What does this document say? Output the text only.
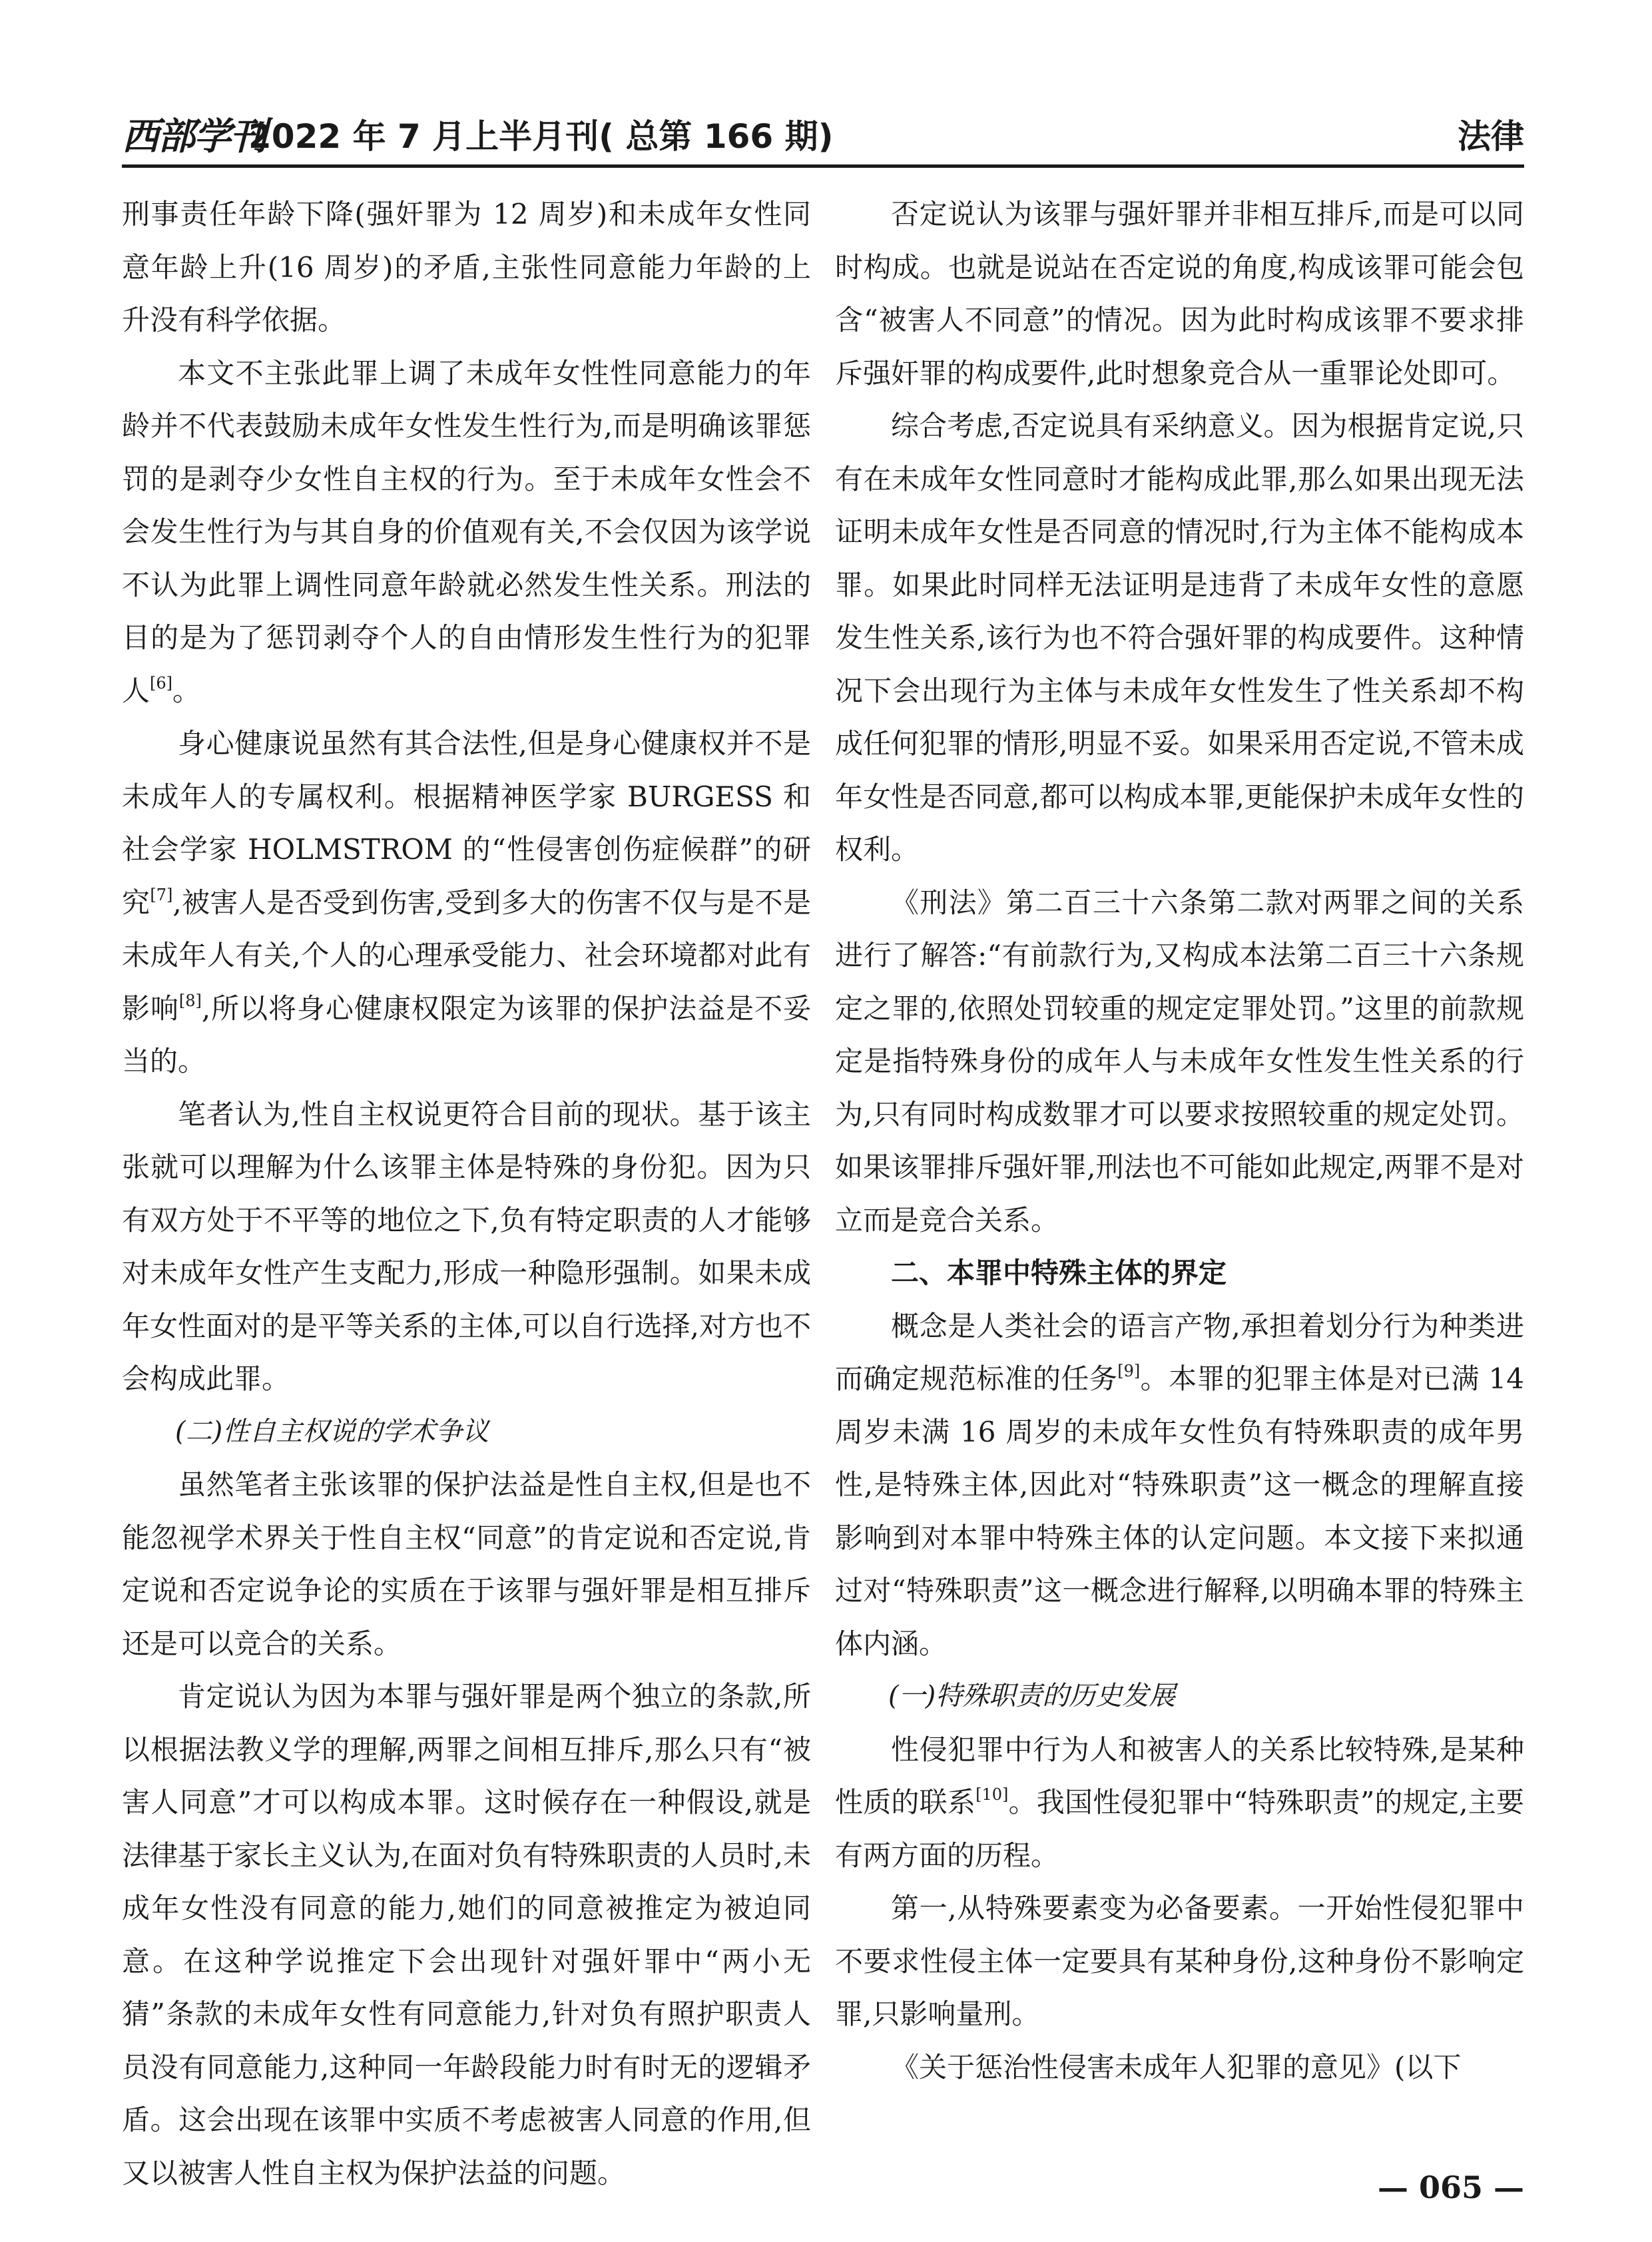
西部学刊
2022 年 7 月上半月刊( 总第 166 期)	法律

刑事责任年龄下降(强奸罪为 12 周岁)和未成年女性同意年龄上升(16 周岁)的矛盾,主张性同意能力年龄的上升没有科学依据。

本文不主张此罪上调了未成年女性性同意能力的年龄并不代表鼓励未成年女性发生性行为,而是明确该罪惩罚的是剥夺少女性自主权的行为。至于未成年女性会不会发生性行为与其自身的价值观有关,不会仅因为该学说不认为此罪上调性同意年龄就必然发生性关系。刑法的目的是为了惩罚剥夺个人的自由情形发生性行为的犯罪人[6]。

身心健康说虽然有其合法性,但是身心健康权并不是未成年人的专属权利。根据精神医学家 BURGESS 和社会学家 HOLMSTROM 的“性侵害创伤症候群”的研究[7],被害人是否受到伤害,受到多大的伤害不仅与是不是未成年人有关,个人的心理承受能力、社会环境都对此有影响[8],所以将身心健康权限定为该罪的保护法益是不妥当的。

笔者认为,性自主权说更符合目前的现状。基于该主张就可以理解为什么该罪主体是特殊的身份犯。因为只有双方处于不平等的地位之下,负有特定职责的人才能够对未成年女性产生支配力,形成一种隐形强制。如果未成年女性面对的是平等关系的主体,可以自行选择,对方也不会构成此罪。

(二)性自主权说的学术争议

虽然笔者主张该罪的保护法益是性自主权,但是也不能忽视学术界关于性自主权“同意”的肯定说和否定说,肯定说和否定说争论的实质在于该罪与强奸罪是相互排斥还是可以竞合的关系。

肯定说认为因为本罪与强奸罪是两个独立的条款,所以根据法教义学的理解,两罪之间相互排斥,那么只有“被害人同意”才可以构成本罪。这时候存在一种假设,就是法律基于家长主义认为,在面对负有特殊职责的人员时,未成年女性没有同意的能力,她们的同意被推定为被迫同意。在这种学说推定下会出现针对强奸罪中“两小无猜”条款的未成年女性有同意能力,针对负有照护职责人员没有同意能力,这种同一年龄段能力时有时无的逻辑矛盾。这会出现在该罪中实质不考虑被害人同意的作用,但又以被害人性自主权为保护法益的问题。

否定说认为该罪与强奸罪并非相互排斥,而是可以同时构成。也就是说站在否定说的角度,构成该罪可能会包含“被害人不同意”的情况。因为此时构成该罪不要求排斥强奸罪的构成要件,此时想象竞合从一重罪论处即可。

综合考虑,否定说具有采纳意义。因为根据肯定说,只有在未成年女性同意时才能构成此罪,那么如果出现无法证明未成年女性是否同意的情况时,行为主体不能构成本罪。如果此时同样无法证明是违背了未成年女性的意愿发生性关系,该行为也不符合强奸罪的构成要件。这种情况下会出现行为主体与未成年女性发生了性关系却不构成任何犯罪的情形,明显不妥。如果采用否定说,不管未成年女性是否同意,都可以构成本罪,更能保护未成年女性的权利。

《刑法》第二百三十六条第二款对两罪之间的关系进行了解答:“有前款行为,又构成本法第二百三十六条规定之罪的,依照处罚较重的规定定罪处罚。”这里的前款规定是指特殊身份的成年人与未成年女性发生性关系的行为,只有同时构成数罪才可以要求按照较重的规定处罚。如果该罪排斥强奸罪,刑法也不可能如此规定,两罪不是对立而是竞合关系。

二、本罪中特殊主体的界定

概念是人类社会的语言产物,承担着划分行为种类进而确定规范标准的任务[9]。本罪的犯罪主体是对已满 14 周岁未满 16 周岁的未成年女性负有特殊职责的成年男性,是特殊主体,因此对“特殊职责”这一概念的理解直接影响到对本罪中特殊主体的认定问题。本文接下来拟通过对“特殊职责”这一概念进行解释,以明确本罪的特殊主体内涵。

(一)特殊职责的历史发展

性侵犯罪中行为人和被害人的关系比较特殊,是某种性质的联系[10]。我国性侵犯罪中“特殊职责”的规定,主要有两方面的历程。

第一,从特殊要素变为必备要素。一开始性侵犯罪中不要求性侵主体一定要具有某种身份,这种身份不影响定罪,只影响量刑。

《关于惩治性侵害未成年人犯罪的意见》(以下

— 065 —
